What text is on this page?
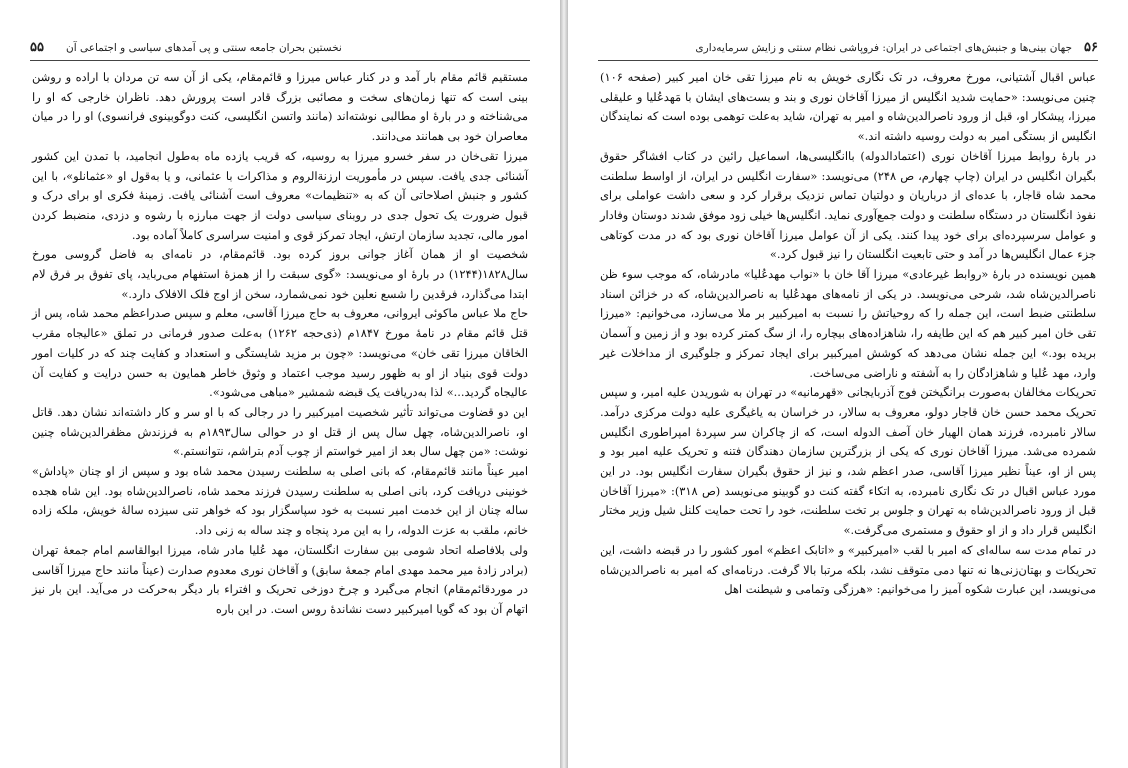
۵۵ نخستین بحران جامعه سنتی و پی آمدهای سیاسی و اجتماعی آن

مستقیم قائم مقام بار آمد و در کنار عباس میرزا و قائم‌مقام، یکی از آن سه تن مردان با اراده و روشن بینی است که تنها زمان‌های سخت و مصائبی بزرگ قادر است پرورش دهد. ناظران خارجی که او را می‌شناخته و در بارهٔ او مطالبی نوشته‌اند (مانند واتسن انگلیسی، کنت دوگوبینوی فرانسوی) او را در میان معاصران خود بی همانند می‌دانند.

میرزا تقی‌خان در سفر خسرو میرزا به روسیه، که قریب یازده ماه به‌طول انجامید، با تمدن این کشور آشنائی جدی یافت. سپس در مأموریت ارزنةالروم و مذاکرات با عثمانی، و یا به‌قول او «عثمانلو»، با این کشور و جنبش اصلاحاتی آن که به «تنظیمات» معروف است آشنائی یافت. زمینهٔ فکری او برای درک و قبول ضرورت یک تحول جدی در روبنای سیاسی دولت از جهت مبارزه با رشوه و دزدی، منضبط کردن امور مالی، تجدید سازمان ارتش، ایجاد تمرکز قوی و امنیت سراسری کاملاً آماده بود.

شخصیت او از همان آغاز جوانی بروز کرده بود. قائم‌مقام، در نامه‌ای به فاضل گروسی مورخ سال۱۸۲۸(۱۲۴۴) در بارهٔ او می‌نویسد: «گوی سبقت را از همزهٔ استفهام می‌رباید، پای تفوق بر فرق لام ابتدا می‌گذارد، فرقدین را شسع نعلین خود نمی‌شمارد، سخن از اوج فلک الافلاک دارد.»

حاج ملا عباس ماکوئی ایروانی، معروف به حاج میرزا آقاسی، معلم و سپس صدراعظم محمد شاه، پس از قتل قائم مقام در نامهٔ مورخ ۱۸۴۷م (ذی‌حجه ۱۲۶۲) به‌علت صدور فرمانی در تملق «عالیجاه مقرب الخاقان میرزا تقی خان» می‌نویسد: «چون بر مزید شایستگی و استعداد و کفایت چند که در کلیات امور دولت قوی بنیاد از او به ظهور رسید موجب اعتماد و وثوق خاطر همایون به حسن درایت و کفایت آن عالیجاه گردید...» لذا به‌دریافت یک قبضه شمشیر «مباهی می‌شود».

این دو قضاوت می‌تواند تأثیر شخصیت امیرکبیر را در رجالی که با او سر و کار داشته‌اند نشان دهد. قاتل او، ناصرالدین‌شاه، چهل سال پس از قتل او در حوالی سال۱۸۹۳م به فرزندش مظفرالدین‌شاه چنین نوشت: «من چهل سال بعد از امیر خواستم از چوب آدم بتراشم، نتوانستم.»

امیر عیناً مانند قائم‌مقام، که بانی اصلی به سلطنت رسیدن محمد شاه بود و سپس از او چنان «پاداش» خونینی دریافت کرد، بانی اصلی به سلطنت رسیدن فرزند محمد شاه، ناصرالدین‌شاه بود. این شاه هجده ساله چنان از این خدمت امیر نسبت به خود سپاسگزار بود که خواهر تنی سیزده سالهٔ خویش، ملکه زاده خانم، ملقب به عزت الدوله، را به این مرد پنجاه و چند ساله به زنی داد.

ولی بلافاصله اتحاد شومی بین سفارت انگلستان، مهد عُلیا مادر شاه، میرزا ابوالقاسم امام جمعهٔ تهران (برادر زادهٔ میر محمد مهدی امام جمعهٔ سابق) و آقاخان نوری معدوم صدارت (عیناً مانند حاج میرزا آقاسی در موردقائم‌مقام) انجام می‌گیرد و چرخ دوزخی تحریک و افتراء بار دیگر به‌حرکت در می‌آید. این بار نیز اتهام آن بود که گویا امیرکبیر دست نشاندهٔ روس است. در این باره

۵۶
جهان بینی‌ها و جنبش‌های اجتماعی در ایران: فروپاشی نظام سنتی و زایش سرمایه‌داری

عباس اقبال آشتیانی، مورخ معروف، در تک نگاری خویش به نام میرزا تقی خان امیر کبیر (صفحه ۱۰۶) چنین می‌نویسد: «حمایت شدید انگلیس از میرزا آقاخان نوری و بند و بست‌های ایشان با مَهدعُلیا و علیقلی میرزا، پیشکار او، قبل از ورود ناصرالدین‌شاه و امیر به تهران، شاید به‌علت توهمی بوده است که نمایندگان انگلیس از بستگی امیر به دولت روسیه داشته اند.»

در بارهٔ روابط میرزا آقاخان نوری (اعتمادالدوله) باانگلیسی‌ها، اسماعیل رائین در کتاب افشاگر حقوق بگیران انگلیس در ایران (چاپ چهارم، ص ۲۴۸) می‌نویسد: «سفارت انگلیس در ایران، از اواسط سلطنت محمد شاه قاجار، با عده‌ای از درباریان و دولتیان تماس نزدیک برقرار کرد و سعی داشت عواملی برای نفوذ انگلستان در دستگاه سلطنت و دولت جمع‌آوری نماید. انگلیس‌ها خیلی زود موفق شدند دوستان وفادار و عوامل سرسپرده‌ای برای خود پیدا کنند. یکی از آن عوامل میرزا آقاخان نوری بود که در مدت کوتاهی جزء عمال انگلیس‌ها در آمد و حتی تابعیت انگلستان را نیز قبول کرد.»

همین نویسنده در بارهٔ «روابط غیرعادی» میرزا آقا خان با «نواب مهدعُلیا» مادرشاه، که موجب سوء ظن ناصرالدین‌شاه شد، شرحی می‌نویسد. در یکی از نامه‌های مهدعُلیا به ناصرالدین‌شاه، که در خزائن اسناد سلطنتی ضبط است، این جمله را که روحیاتش را نسبت به امیرکبیر بر ملا می‌سازد، می‌خوانیم: «میرزا تقی خان امیر کبیر هم که این طایفه را، شاهزاده‌های بیچاره را، از سگ کمتر کرده بود و از زمین و آسمان بریده بود.» این جمله نشان می‌دهد که کوشش امیرکبیر برای ایجاد تمرکز و جلوگیری از مداخلات غیر وارد، مهد عُلیا و شاهزادگان را به آشفته و ناراضی می‌ساخت.

تحریکات مخالفان به‌صورت برانگیختن فوج آذربایجانی «قهرمانیه» در تهران به شوریدن علیه امیر، و سپس تحریک محمد حسن خان قاجار دولو، معروف به سالار، در خراسان به یاغیگری علیه دولت مرکزی درآمد. سالار نامبرده، فرزند همان الهیار خان آصف الدوله است، که از چاکران سر سپردهٔ امپراطوری انگلیس شمرده می‌شد. میرزا آقاخان نوری که یکی از بزرگترین سازمان دهندگان فتنه و تحریک علیه امیر بود و پس از او، عیناً نظیر میرزا آقاسی، صدر اعظم شد، و نیز از حقوق بگیران سفارت انگلیس بود. در این مورد عباس اقبال در تک نگاری نامبرده، به اتکاء گفته کنت دو گوبینو می‌نویسد (ص ۳۱۸): «میرزا آقاخان قبل از ورود ناصرالدین‌شاه به تهران و جلوس بر تخت سلطنت، خود را تحت حمایت کلنل شیل وزیر مختار انگلیس قرار داد و از او حقوق و مستمری می‌گرفت.»

در تمام مدت سه ساله‌ای که امیر با لقب «امیرکبیر» و «اتابک اعظم» امور کشور را در قبضه داشت، این تحریکات و بهتان‌زنی‌ها نه تنها دمی متوقف نشد، بلکه مرتبا بالا گرفت. درنامه‌ای که امیر به ناصرالدین‌شاه می‌نویسد، این عبارت شکوه آمیز را می‌خوانیم: «هرزگی وتمامی و شیطنت اهل
